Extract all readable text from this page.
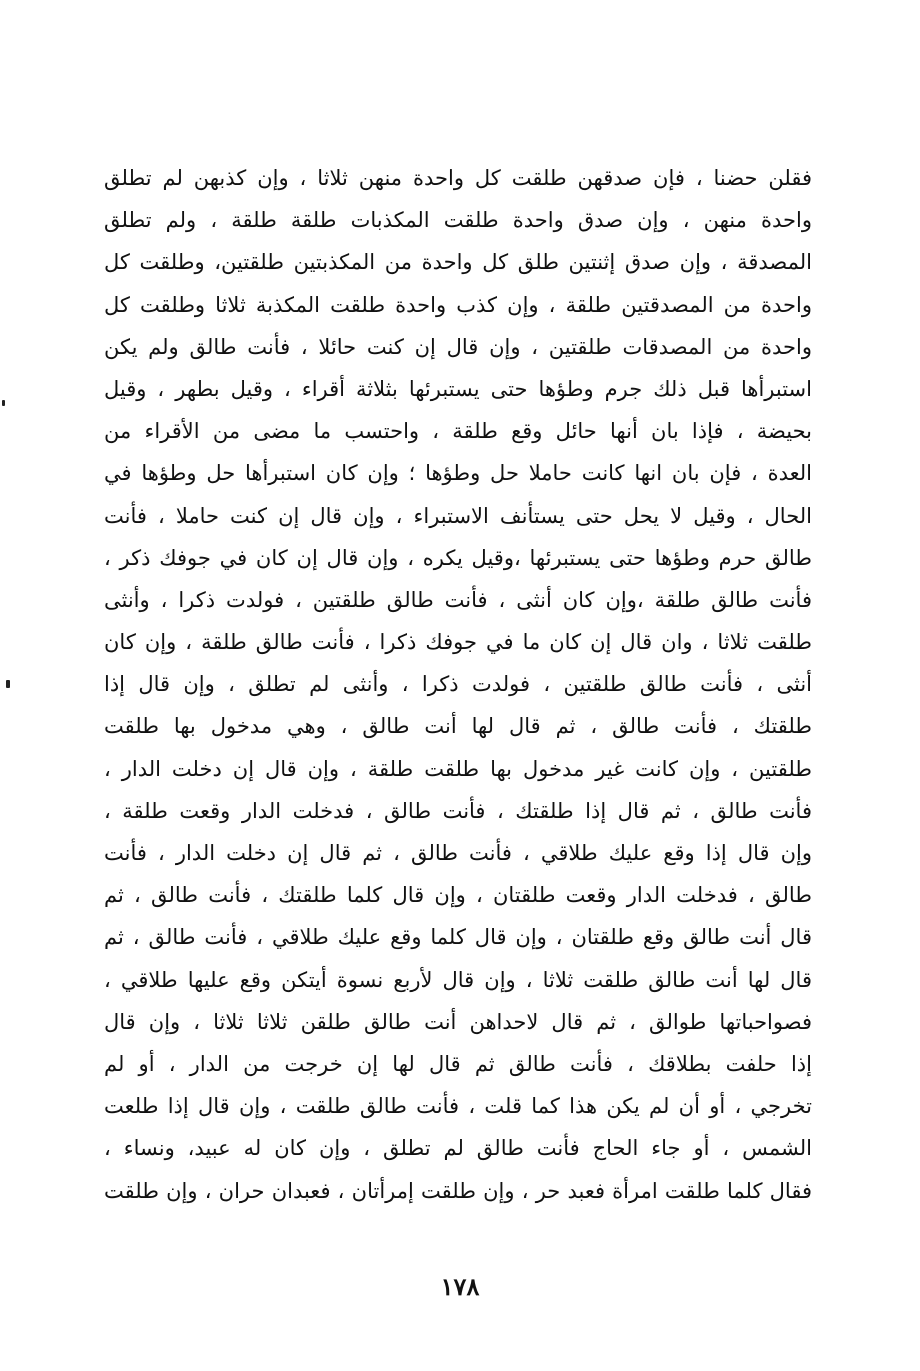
فقلن حضنا ، فإن صدقهن طلقت كل واحدة منهن ثلاثا ، وإن كذبهن لم تطلق
واحدة منهن ، وإن صدق واحدة طلقت المكذبات طلقة طلقة ، ولم تطلق
المصدقة ، وإن صدق إثنتين طلق كل واحدة من المكذبتين طلقتين، وطلقت كل
واحدة من المصدقتين طلقة ، وإن كذب واحدة طلقت المكذبة ثلاثا وطلقت كل
واحدة من المصدقات طلقتين ، وإن قال إن كنت حائلا ، فأنت طالق ولم يكن
استبرأها قبل ذلك جرم وطؤها حتى يستبرئها بثلاثة أقراء ، وقيل بطهر ، وقيل
بحيضة ، فإذا بان أنها حائل وقع طلقة ، واحتسب ما مضى من الأقراء من
العدة ، فإن بان انها كانت حاملا حل وطؤها ؛ وإن كان استبرأها حل وطؤها في
الحال ، وقيل لا يحل حتى يستأنف الاستبراء ، وإن قال إن كنت حاملا ، فأنت
طالق حرم وطؤها حتى يستبرئها ،وقيل يكره ، وإن قال إن كان في جوفك ذكر ،
فأنت طالق طلقة ،وإن كان أنثى ، فأنت طالق طلقتين ، فولدت ذكرا ، وأنثى
طلقت ثلاثا ، وان قال إن كان ما في جوفك ذكرا ، فأنت طالق طلقة ، وإن كان
أنثى ، فأنت طالق طلقتين ، فولدت ذكرا ، وأنثى لم تطلق ، وإن قال إذا
طلقتك ، فأنت طالق ، ثم قال لها أنت طالق ، وهي مدخول بها طلقت
طلقتين ، وإن كانت غير مدخول بها طلقت طلقة ، وإن قال إن دخلت الدار ،
فأنت طالق ، ثم قال إذا طلقتك ، فأنت طالق ، فدخلت الدار وقعت طلقة ،
وإن قال إذا وقع عليك طلاقي ، فأنت طالق ، ثم قال إن دخلت الدار ، فأنت
طالق ، فدخلت الدار وقعت طلقتان ، وإن قال كلما طلقتك ، فأنت طالق ، ثم
قال أنت طالق وقع طلقتان ، وإن قال كلما وقع عليك طلاقي ، فأنت طالق ، ثم
قال لها أنت طالق طلقت ثلاثا ، وإن قال لأربع نسوة أيتكن وقع عليها طلاقي ،
فصواحباتها طوالق ، ثم قال لاحداهن أنت طالق طلقن ثلاثا ثلاثا ، وإن قال
إذا حلفت بطلاقك ، فأنت طالق ثم قال لها إن خرجت من الدار ، أو لم
تخرجي ، أو أن لم يكن هذا كما قلت ، فأنت طالق طلقت ، وإن قال إذا طلعت
الشمس ، أو جاء الحاج فأنت طالق لم تطلق ، وإن كان له عبيد، ونساء ،
فقال كلما طلقت امرأة فعبد حر ، وإن طلقت إمرأتان ، فعبدان حران ، وإن طلقت
١٧٨
